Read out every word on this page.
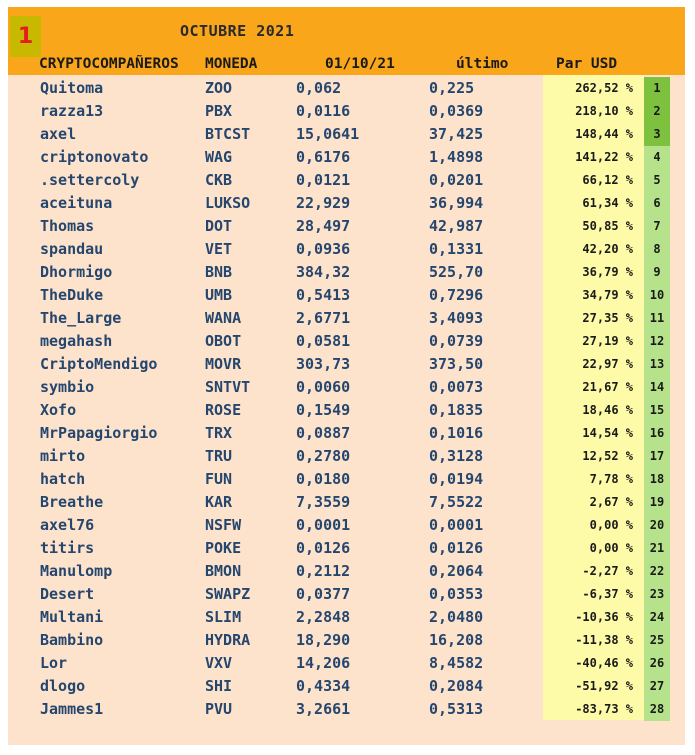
1	OCTUBRE 2021
CRYPTOCOMPAÑEROS MONEDA	01/10/21	último	Par USD
Quitoma	ZOO	0,062	0,225	262,52 %	1
razza13	PBX	0,0116	0,0369	218,10 %	2
axel	BTCST	15,0641	37,425	148,44 %	3
criptonovato	WAG	0,6176	1,4898	141,22 %	4
.settercoly	CKB	0,0121	0,0201	66,12 %	5
aceituna	LUKSO	22,929	36,994	61,34 %	6
Thomas	DOT	28,497	42,987	50,85 %	7
spandau	VET	0,0936	0,1331	42,20 %	8
Dhormigo	BNB	384,32	525,70	36,79 %	9
TheDuke	UMB	0,5413	0,7296	34,79 %	10
The_Large	WANA	2,6771	3,4093	27,35 %	11
megahash	OBOT	0,0581	0,0739	27,19 %	12
CriptoMendigo	MOVR	303,73	373,50	22,97 %	13
symbio	SNTVT	0,0060	0,0073	21,67 %	14
Xofo	ROSE	0,1549	0,1835	18,46 %	15
MrPapagiorgio	TRX	0,0887	0,1016	14,54 %	16
mirto	TRU	0,2780	0,3128	12,52 %	17
hatch	FUN	0,0180	0,0194	7,78 %	18
Breathe	KAR	7,3559	7,5522	2,67 %	19
axel76	NSFW	0,0001	0,0001	0,00 %	20
titirs	POKE	0,0126	0,0126	0,00 %	21
Manulomp	BMON	0,2112	0,2064	-2,27 %	22
Desert	SWAPZ	0,0377	0,0353	-6,37 %	23
Multani	SLIM	2,2848	2,0480	-10,36 %	24
Bambino	HYDRA	18,290	16,208	-11,38 %	25
Lor	VXV	14,206	8,4582	-40,46 %	26
dlogo	SHI	0,4334	0,2084	-51,92 %	27
Jammes1	PVU	3,2661	0,5313	-83,73 %	28
